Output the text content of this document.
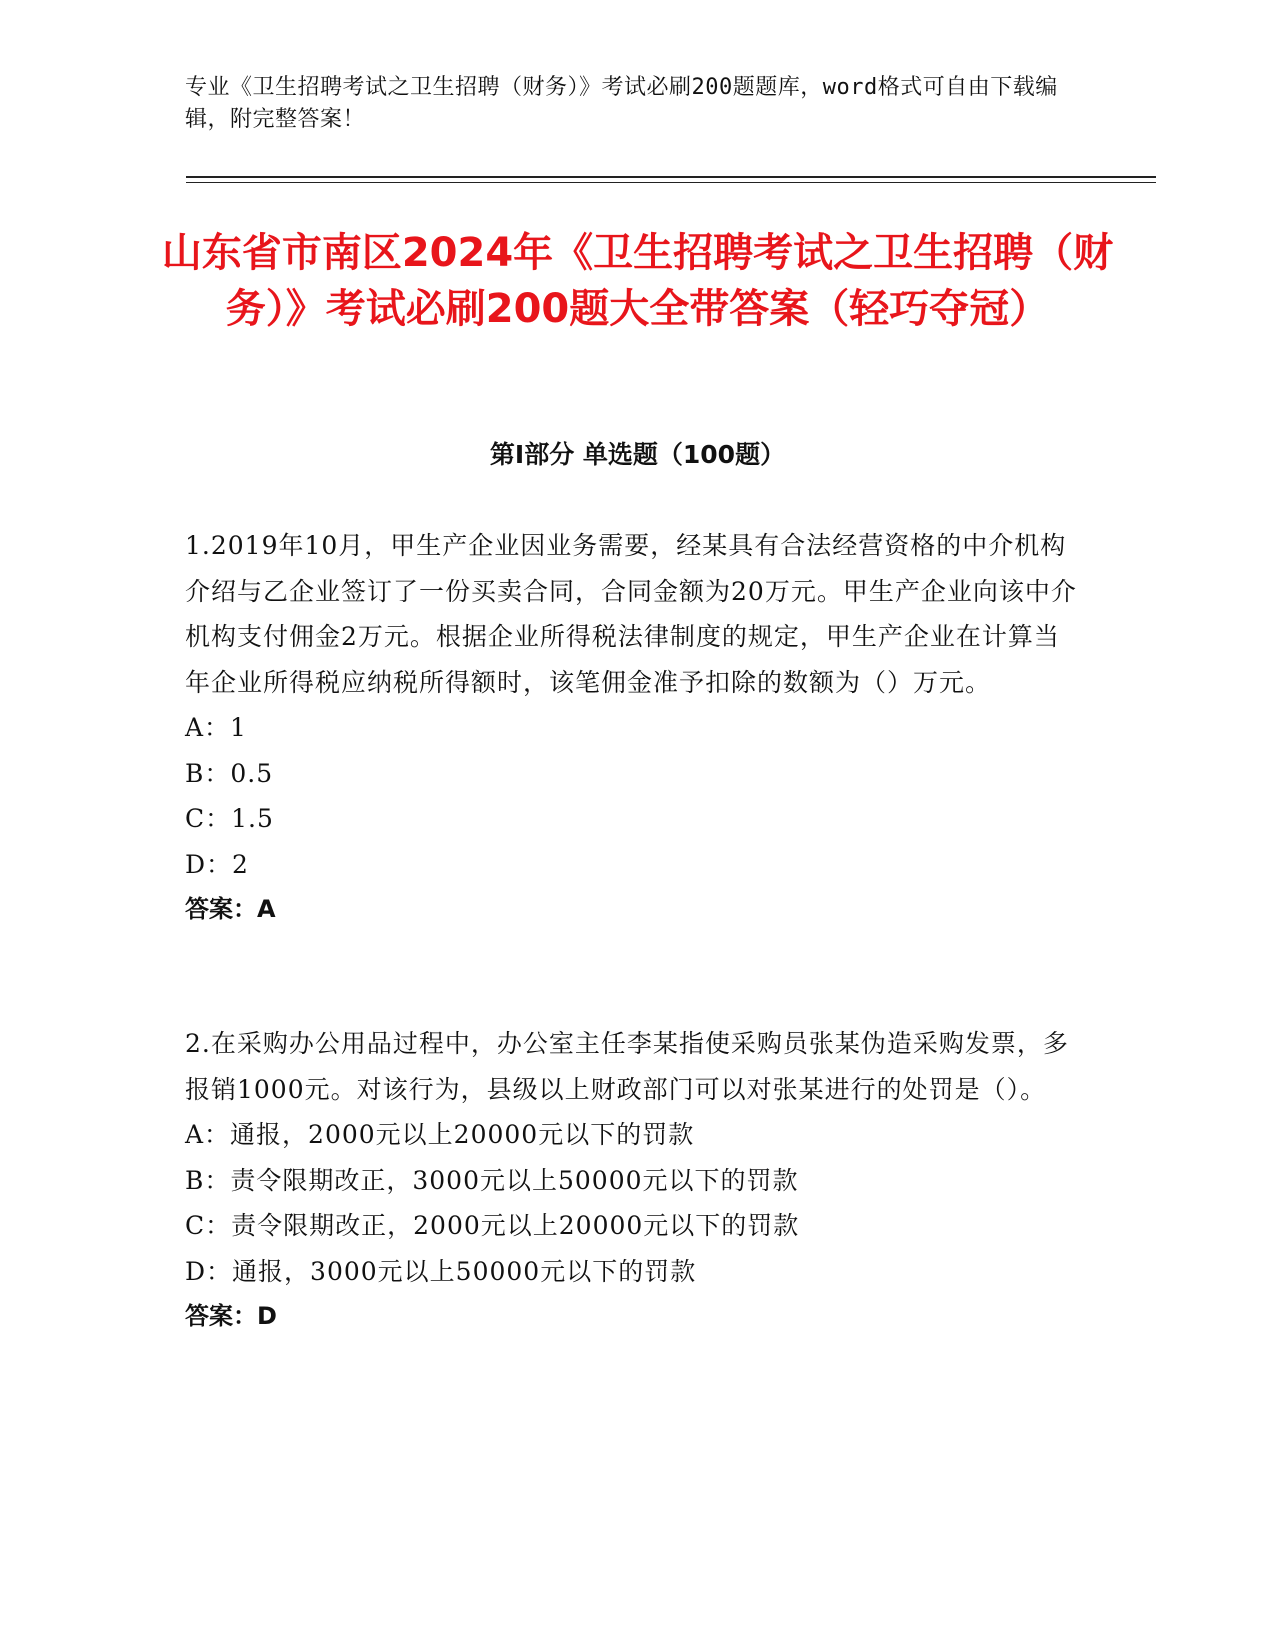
专业《卫生招聘考试之卫生招聘（财务）》考试必刷200题题库，word格式可自由下载编辑，附完整答案！

山东省市南区2024年《卫生招聘考试之卫生招聘（财务）》考试必刷200题大全带答案（轻巧夺冠）
第Ⅰ部分 单选题（100题）

1.2019年10月，甲生产企业因业务需要，经某具有合法经营资格的中介机构介绍与乙企业签订了一份买卖合同，合同金额为20万元。甲生产企业向该中介机构支付佣金2万元。根据企业所得税法律制度的规定，甲生产企业在计算当年企业所得税应纳税所得额时，该笔佣金准予扣除的数额为（）万元。

A：1

B：0.5

C：1.5

D：2

答案：A

2.在采购办公用品过程中，办公室主任李某指使采购员张某伪造采购发票，多报销1000元。对该行为，县级以上财政部门可以对张某进行的处罚是（）。

A：通报，2000元以上20000元以下的罚款

B：责令限期改正，3000元以上50000元以下的罚款

C：责令限期改正，2000元以上20000元以下的罚款

D：通报，3000元以上50000元以下的罚款

答案：D
